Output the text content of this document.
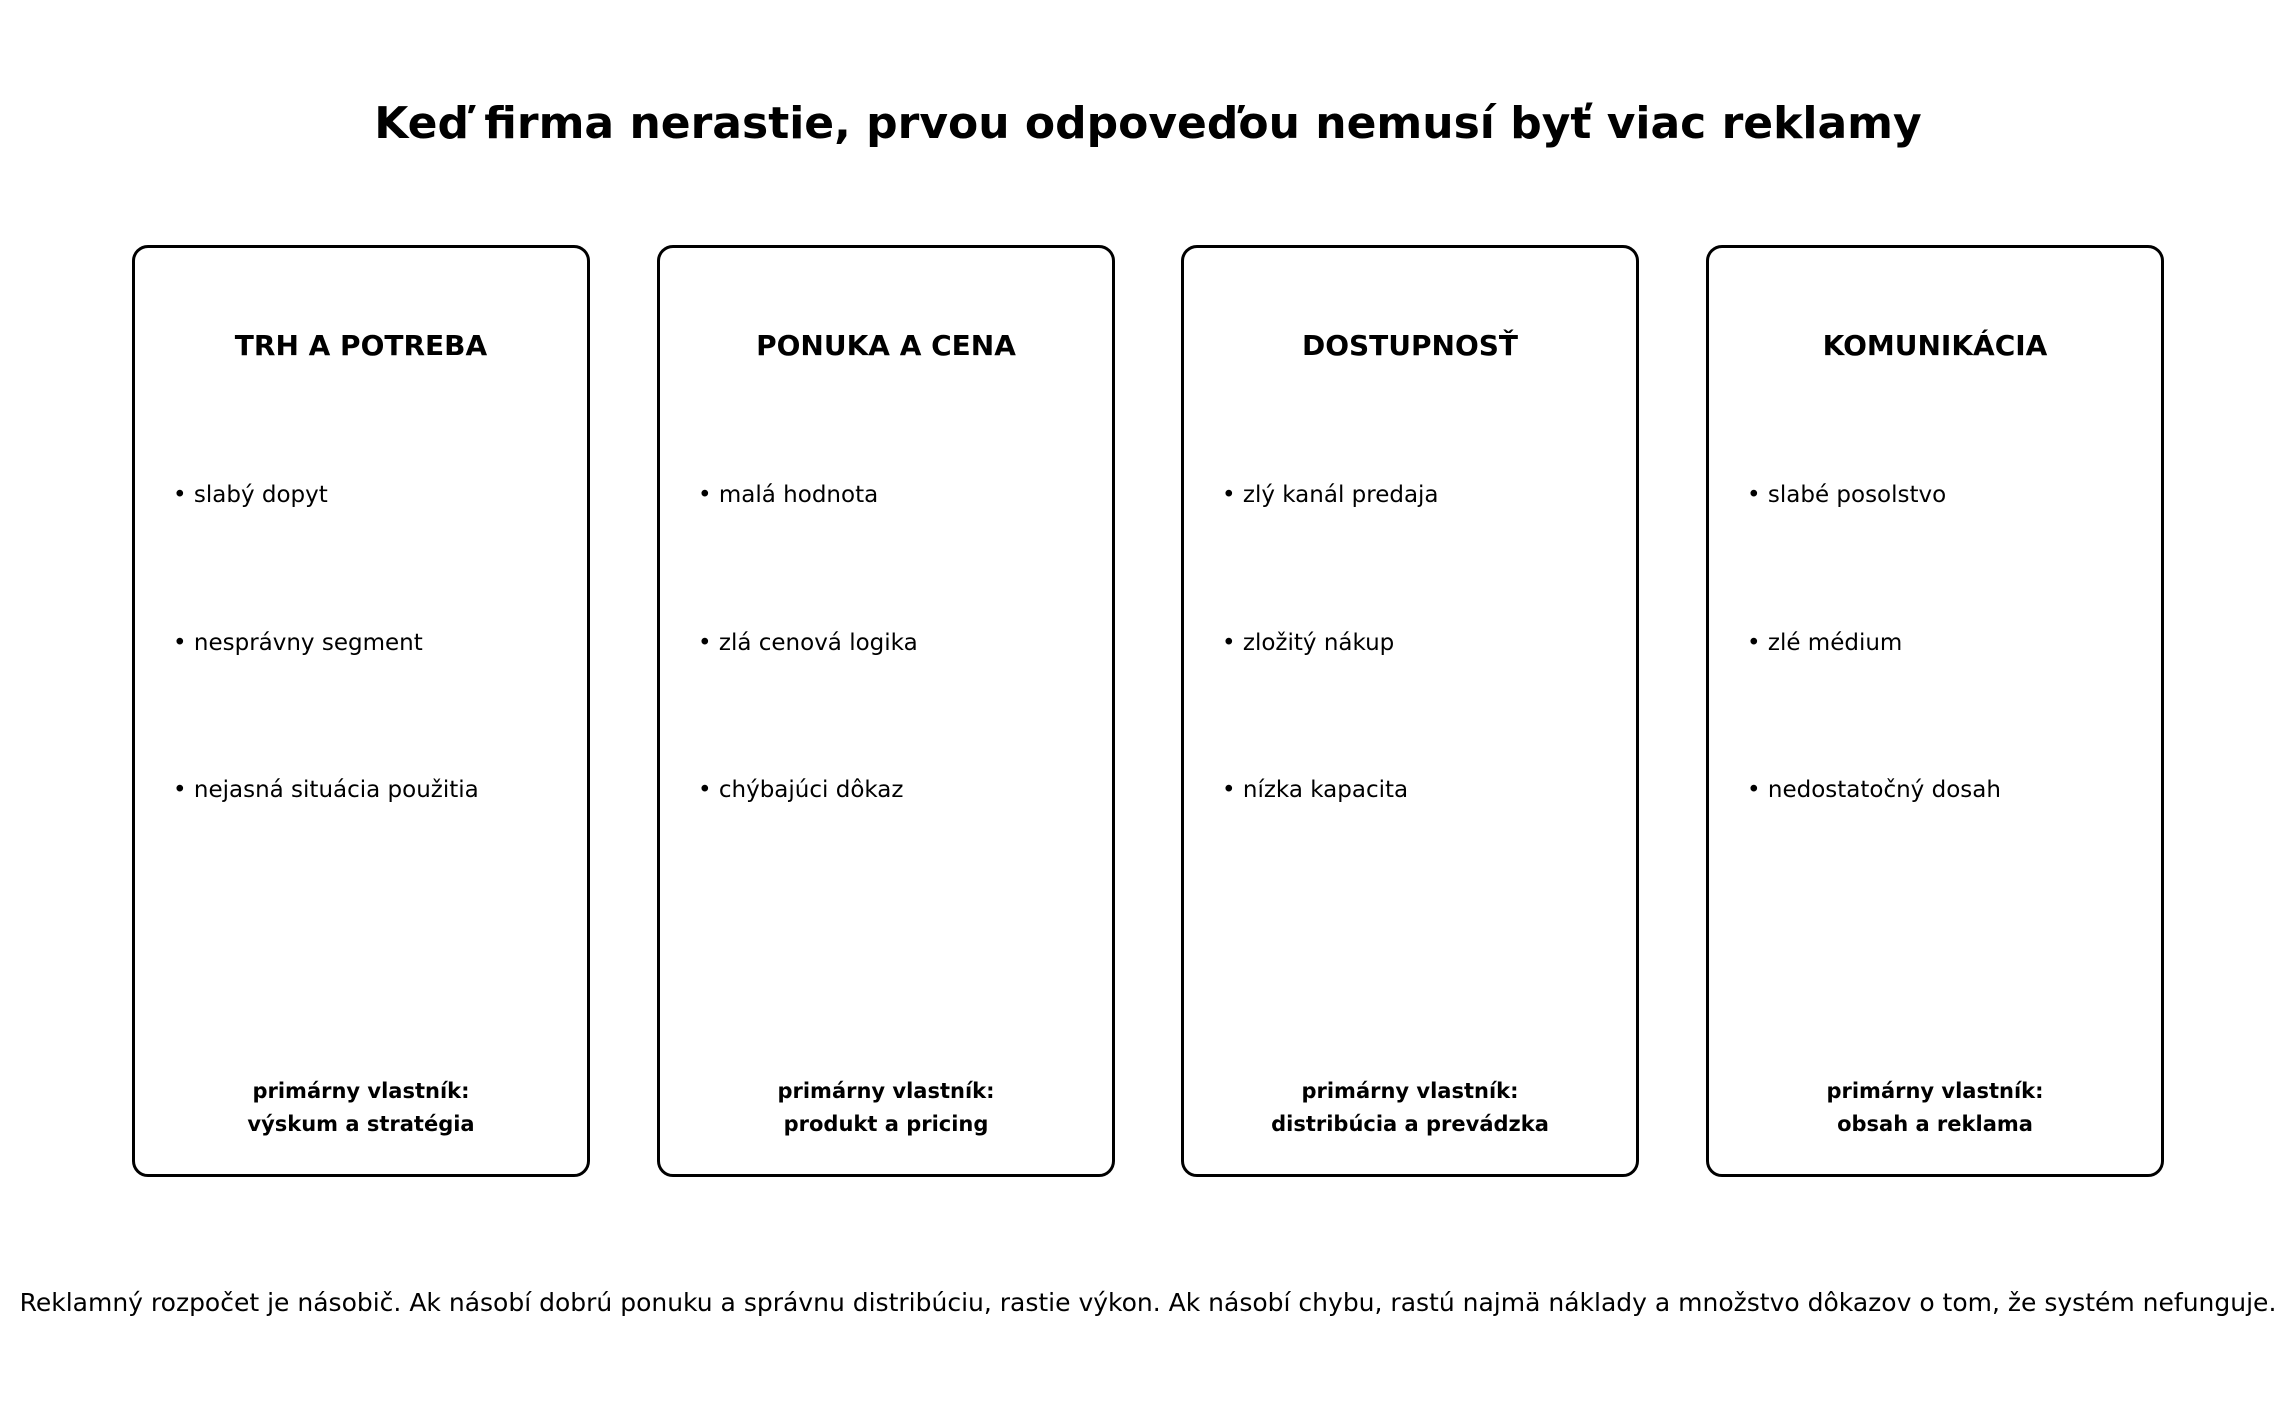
Keď firma nerastie, prvou odpoveďou nemusí byť viac reklamy
TRH A POTREBA
• slabý dopyt
• nesprávny segment
• nejasná situácia použitia
primárny vlastník:
výskum a stratégia
PONUKA A CENA
• malá hodnota
• zlá cenová logika
• chýbajúci dôkaz
primárny vlastník:
produkt a pricing
DOSTUPNOSŤ
• zlý kanál predaja
• zložitý nákup
• nízka kapacita
primárny vlastník:
distribúcia a prevádzka
KOMUNIKÁCIA
• slabé posolstvo
• zlé médium
• nedostatočný dosah
primárny vlastník:
obsah a reklama

Reklamný rozpočet je násobič. Ak násobí dobrú ponuku a správnu distribúciu, rastie výkon. Ak násobí chybu, rastú najmä náklady a množstvo dôkazov o tom, že systém nefunguje.
